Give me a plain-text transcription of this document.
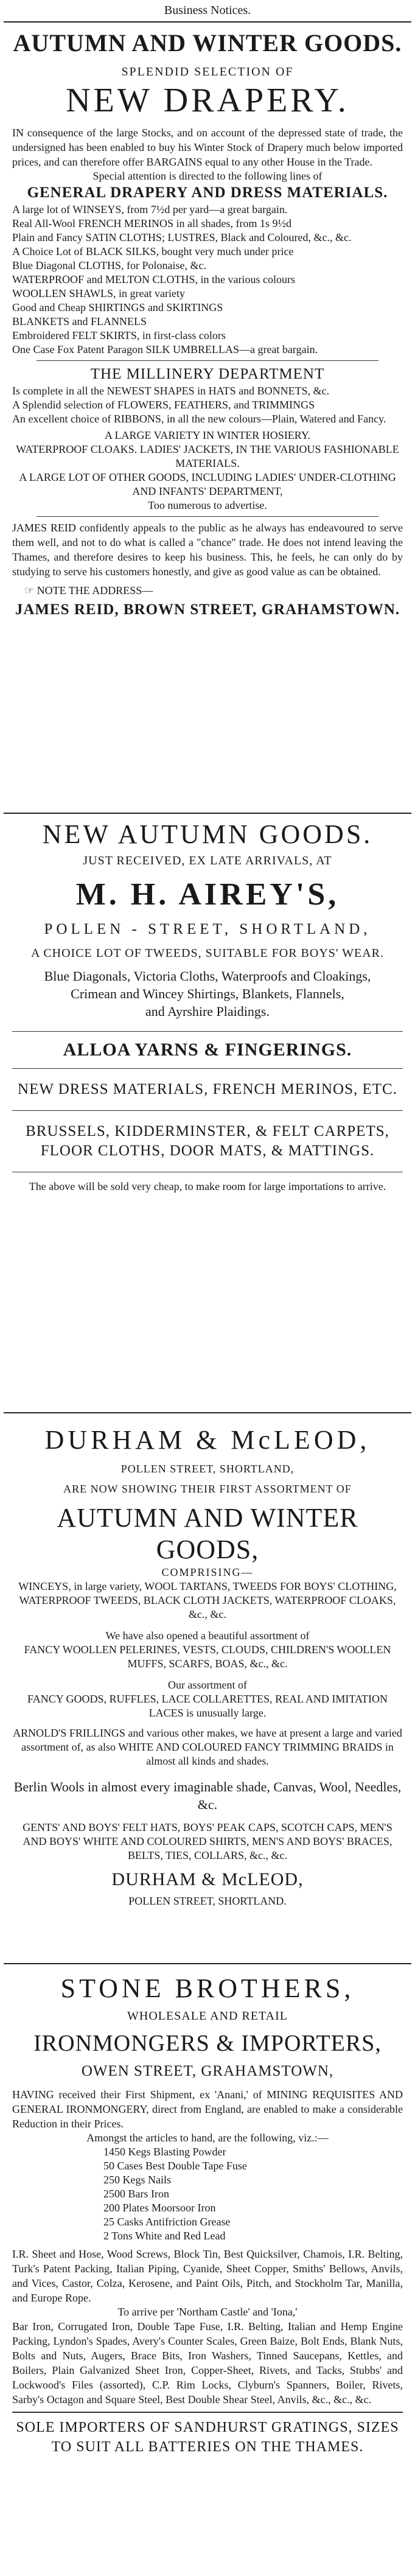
Business Notices.
AUTUMN AND WINTER GOODS.
SPLENDID SELECTION OF
NEW DRAPERY.
IN consequence of the large Stocks, and on account of the depressed state of trade, the undersigned has been enabled to buy his Winter Stock of Drapery much below imported prices, and can therefore offer BARGAINS equal to any other House in the Trade.
Special attention is directed to the following lines of
GENERAL DRAPERY AND DRESS MATERIALS.
A large lot of WINSEYS, from 7½d per yard—a great bargain.
Real All-Wool FRENCH MERINOS in all shades, from 1s 9½d
Plain and Fancy SATIN CLOTHS; LUSTRES, Black and Coloured, &c., &c.
A Choice Lot of BLACK SILKS, bought very much under price
Blue Diagonal CLOTHS, for Polonaise, &c.
WATERPROOF and MELTON CLOTHS, in the various colours
WOOLLEN SHAWLS, in great variety
Good and Cheap SHIRTINGS and SKIRTINGS
BLANKETS and FLANNELS
Embroidered FELT SKIRTS, in first-class colors
One Case Fox Patent Paragon SILK UMBRELLAS—a great bargain.
THE MILLINERY DEPARTMENT
Is complete in all the NEWEST SHAPES in HATS and BONNETS, &c.
A Splendid selection of FLOWERS, FEATHERS, and TRIMMINGS
An excellent choice of RIBBONS, in all the new colours—Plain, Watered and Fancy.
A LARGE VARIETY IN WINTER HOSIERY.
WATERPROOF CLOAKS. LADIES' JACKETS, IN THE VARIOUS FASHIONABLE MATERIALS.
A LARGE LOT OF OTHER GOODS, INCLUDING LADIES' UNDER-CLOTHING AND INFANTS' DEPARTMENT,
Too numerous to advertise.
JAMES REID confidently appeals to the public as he always has endeavoured to serve them well, and not to do what is called a "chance" trade. He does not intend leaving the Thames, and therefore desires to keep his business. This, he feels, he can only do by studying to serve his customers honestly, and give as good value as can be obtained.
☞ NOTE THE ADDRESS—
JAMES REID, BROWN STREET, GRAHAMSTOWN.
NEW AUTUMN GOODS.
JUST RECEIVED, EX LATE ARRIVALS, AT
M. H. AIREY'S,
POLLEN - STREET, SHORTLAND,
A CHOICE LOT OF TWEEDS, SUITABLE FOR BOYS' WEAR.
Blue Diagonals, Victoria Cloths, Waterproofs and Cloakings,
Crimean and Wincey Shirtings, Blankets, Flannels,
and Ayrshire Plaidings.
ALLOA YARNS & FINGERINGS.
NEW DRESS MATERIALS, FRENCH MERINOS, ETC.
BRUSSELS, KIDDERMINSTER, & FELT CARPETS,
FLOOR CLOTHS, DOOR MATS, & MATTINGS.
The above will be sold very cheap, to make room for large importations to arrive.
DURHAM & McLEOD,
POLLEN STREET, SHORTLAND,
ARE NOW SHOWING THEIR FIRST ASSORTMENT OF
AUTUMN AND WINTER GOODS,
COMPRISING—
WINCEYS, in large variety, WOOL TARTANS, TWEEDS FOR BOYS' CLOTHING, WATERPROOF TWEEDS, BLACK CLOTH JACKETS, WATERPROOF CLOAKS, &c., &c.
We have also opened a beautiful assortment of
FANCY WOOLLEN PELERINES, VESTS, CLOUDS, CHILDREN'S WOOLLEN MUFFS, SCARFS, BOAS, &c., &c.
Our assortment of
FANCY GOODS, RUFFLES, LACE COLLARETTES, REAL AND IMITATION LACES is unusually large.
ARNOLD'S FRILLINGS and various other makes, we have at present a large and varied assortment of, as also WHITE AND COLOURED FANCY TRIMMING BRAIDS in almost all kinds and shades.
Berlin Wools in almost every imaginable shade, Canvas, Wool, Needles, &c.
GENTS' AND BOYS' FELT HATS, BOYS' PEAK CAPS, SCOTCH CAPS, MEN'S AND BOYS' WHITE AND COLOURED SHIRTS, MEN'S AND BOYS' BRACES, BELTS, TIES, COLLARS, &c., &c.
DURHAM & McLEOD,
POLLEN STREET, SHORTLAND.
STONE BROTHERS,
WHOLESALE AND RETAIL
IRONMONGERS & IMPORTERS,
OWEN STREET, GRAHAMSTOWN,
HAVING received their First Shipment, ex 'Anani,' of MINING REQUISITES AND GENERAL IRONMONGERY, direct from England, are enabled to make a considerable Reduction in their Prices.
Amongst the articles to hand, are the following, viz.:—
1450 Kegs Blasting Powder
50 Cases Best Double Tape Fuse
250 Kegs Nails
2500 Bars Iron
200 Plates Moorsoor Iron
25 Casks Antifriction Grease
2 Tons White and Red Lead
I.R. Sheet and Hose, Wood Screws, Block Tin, Best Quicksilver, Chamois, I.R. Belting, Turk's Patent Packing, Italian Piping, Cyanide, Sheet Copper, Smiths' Bellows, Anvils, and Vices, Castor, Colza, Kerosene, and Paint Oils, Pitch, and Stockholm Tar, Manilla, and Europe Rope.
To arrive per 'Northam Castle' and 'Iona,'
Bar Iron, Corrugated Iron, Double Tape Fuse, I.R. Belting, Italian and Hemp Engine Packing, Lyndon's Spades, Avery's Counter Scales, Green Baize, Bolt Ends, Blank Nuts, Bolts and Nuts, Augers, Brace Bits, Iron Washers, Tinned Saucepans, Kettles, and Boilers, Plain Galvanized Sheet Iron, Copper-Sheet, Rivets, and Tacks, Stubbs' and Lockwood's Files (assorted), C.P. Rim Locks, Clyburn's Spanners, Boiler, Rivets, Sarby's Octagon and Square Steel, Best Double Shear Steel, Anvils, &c., &c., &c.
SOLE IMPORTERS OF SANDHURST GRATINGS, SIZES TO SUIT ALL BATTERIES ON THE THAMES.
